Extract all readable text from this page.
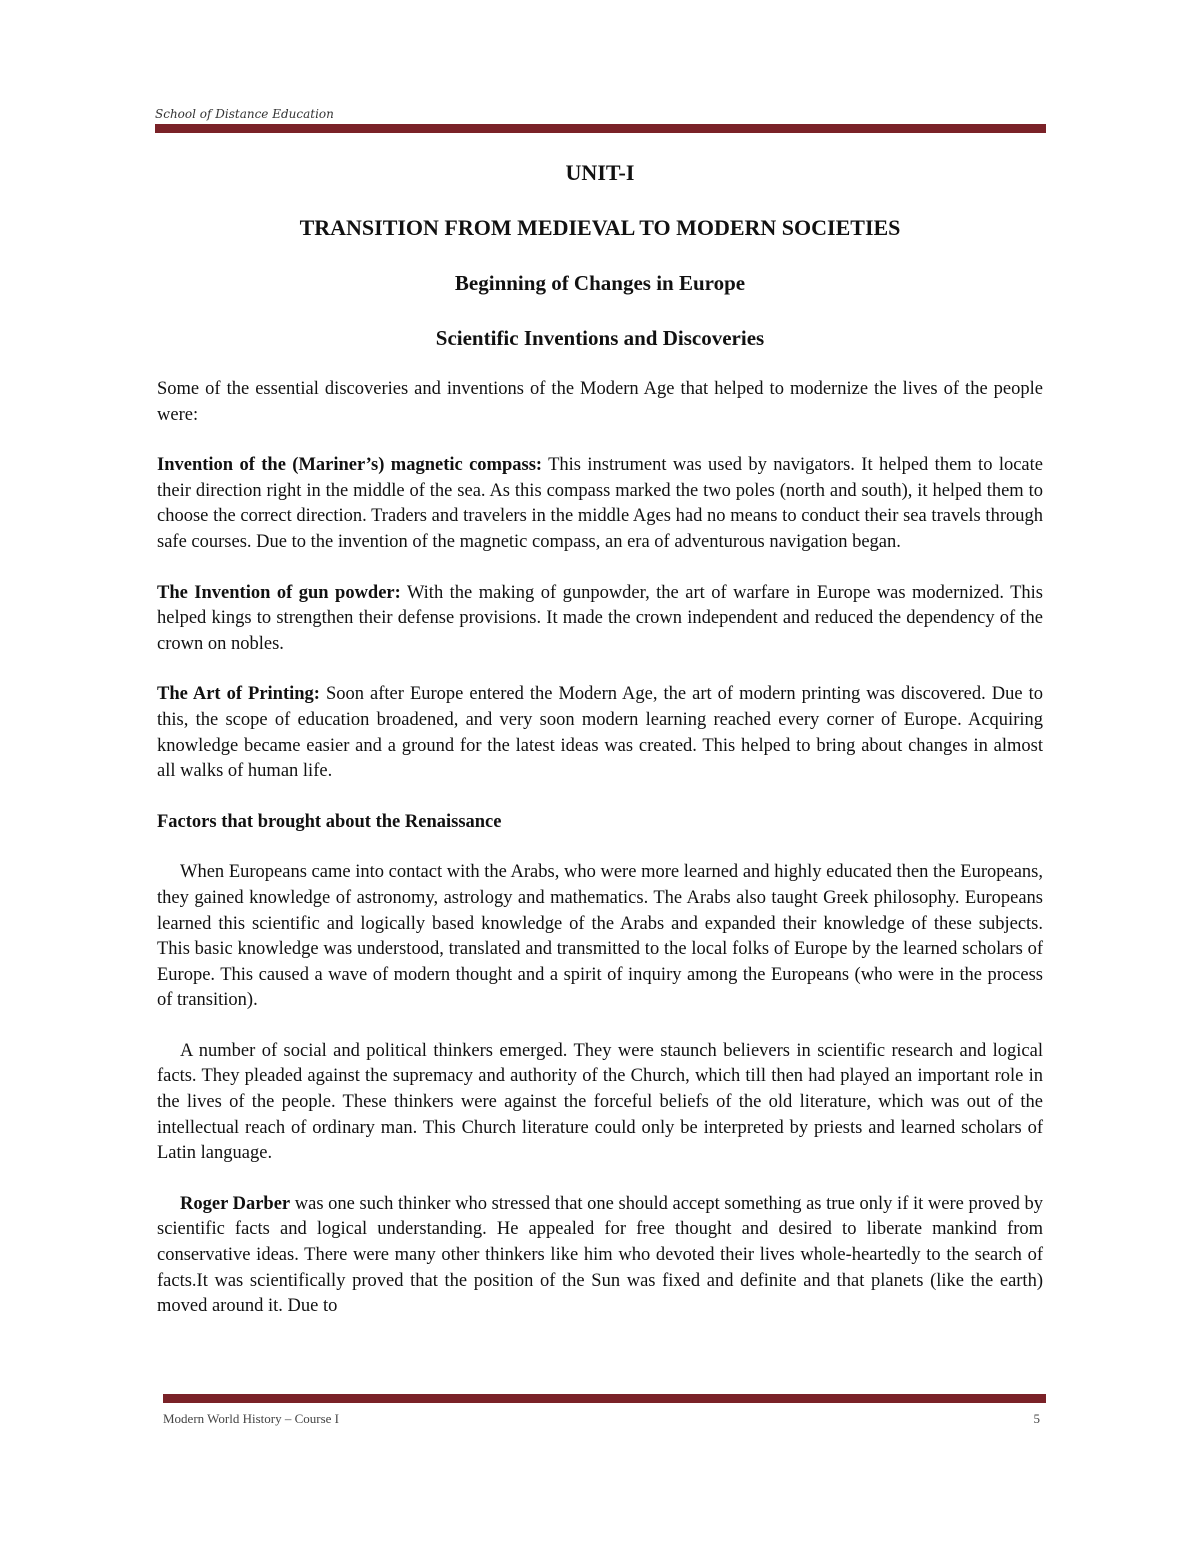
School of Distance Education
UNIT-I
TRANSITION FROM MEDIEVAL TO MODERN SOCIETIES
Beginning of Changes in Europe
Scientific Inventions and Discoveries

Some of the essential discoveries and inventions of the Modern Age that helped to modernize the lives of the people were:

Invention of the (Mariner’s) magnetic compass: This instrument was used by navigators. It helped them to locate their direction right in the middle of the sea. As this compass marked the two poles (north and south), it helped them to choose the correct direction. Traders and travelers in the middle Ages had no means to conduct their sea travels through safe courses. Due to the invention of the magnetic compass, an era of adventurous navigation began.

The Invention of gun powder: With the making of gunpowder, the art of warfare in Europe was modernized. This helped kings to strengthen their defense provisions. It made the crown independent and reduced the dependency of the crown on nobles.

The Art of Printing: Soon after Europe entered the Modern Age, the art of modern printing was discovered. Due to this, the scope of education broadened, and very soon modern learning reached every corner of Europe. Acquiring knowledge became easier and a ground for the latest ideas was created. This helped to bring about changes in almost all walks of human life.

Factors that brought about the Renaissance

When Europeans came into contact with the Arabs, who were more learned and highly educated then the Europeans, they gained knowledge of astronomy, astrology and mathematics. The Arabs also taught Greek philosophy. Europeans learned this scientific and logically based knowledge of the Arabs and expanded their knowledge of these subjects. This basic knowledge was understood, translated and transmitted to the local folks of Europe by the learned scholars of Europe. This caused a wave of modern thought and a spirit of inquiry among the Europeans (who were in the process of transition).

A number of social and political thinkers emerged. They were staunch believers in scientific research and logical facts. They pleaded against the supremacy and authority of the Church, which till then had played an important role in the lives of the people. These thinkers were against the forceful beliefs of the old literature, which was out of the intellectual reach of ordinary man. This Church literature could only be interpreted by priests and learned scholars of Latin language.

Roger Darber was one such thinker who stressed that one should accept something as true only if it were proved by scientific facts and logical understanding. He appealed for free thought and desired to liberate mankind from conservative ideas. There were many other thinkers like him who devoted their lives whole-heartedly to the search of facts.It was scientifically proved that the position of the Sun was fixed and definite and that planets (like the earth) moved around it. Due to

Modern World History – Course I	5
